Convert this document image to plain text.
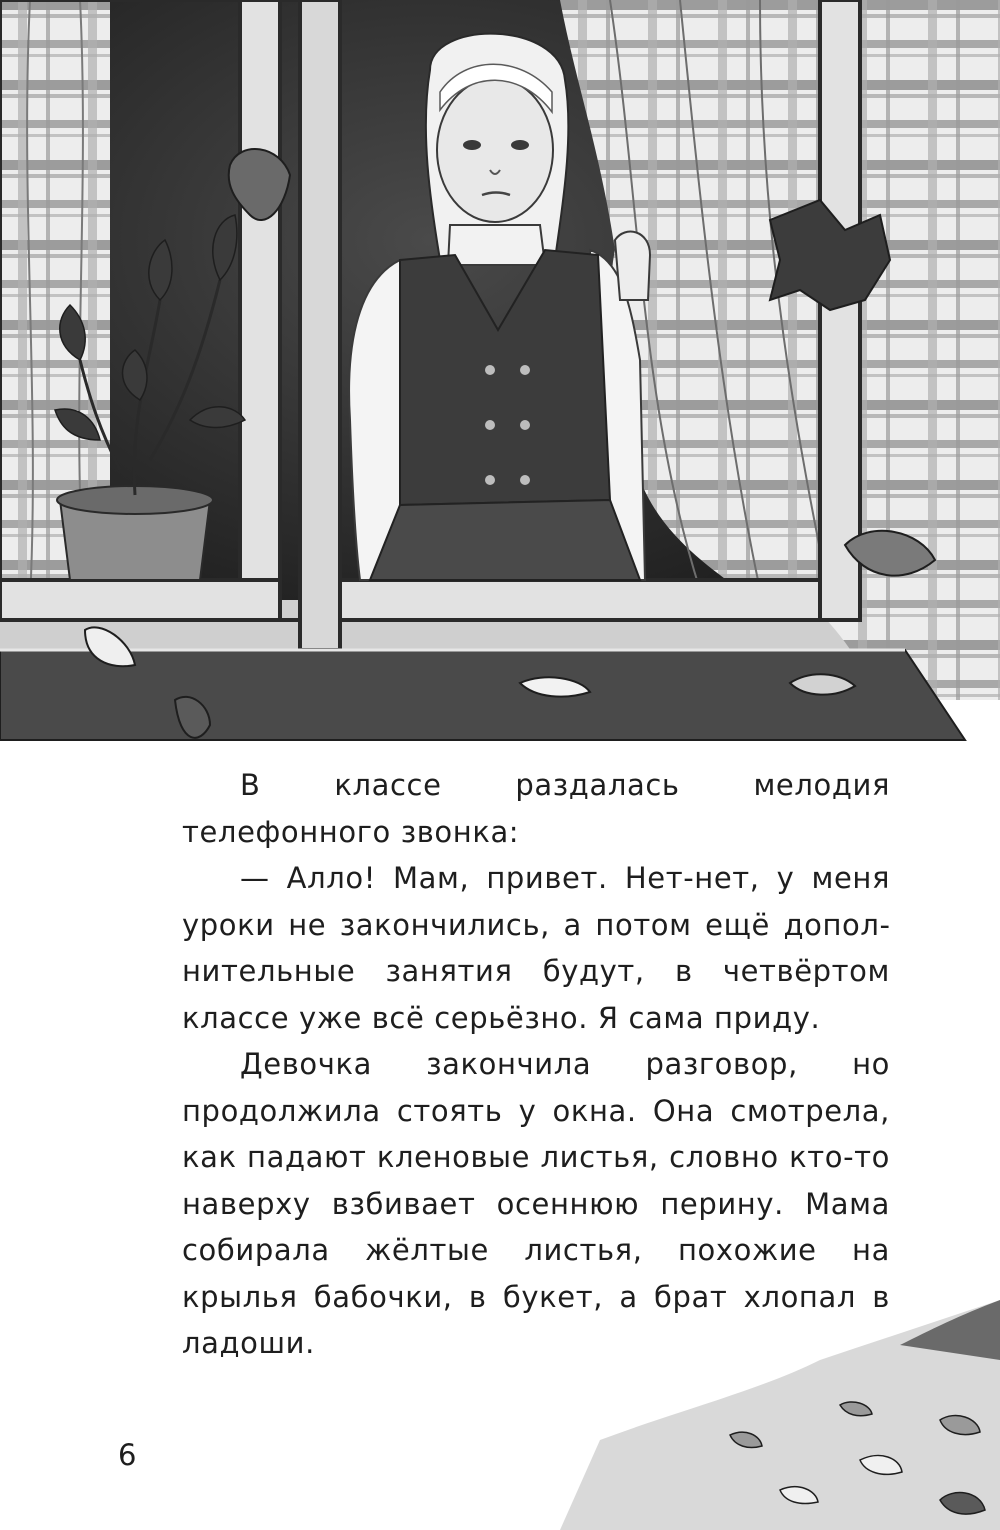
В классе раздалась мелодия телефонного звонка:

— Алло! Мам, привет. Нет-нет, у меня уроки не закончились, а потом ещё дополнительные занятия будут, в четвёртом классе уже всё серьёзно. Я сама приду.

Девочка закончила разговор, но продолжила стоять у окна. Она смотрела, как падают кленовые листья, словно кто-то наверху взбивает осеннюю перину. Мама собирала жёлтые листья, похожие на крылья бабочки, в букет, а брат хлопал в ладоши.

6
